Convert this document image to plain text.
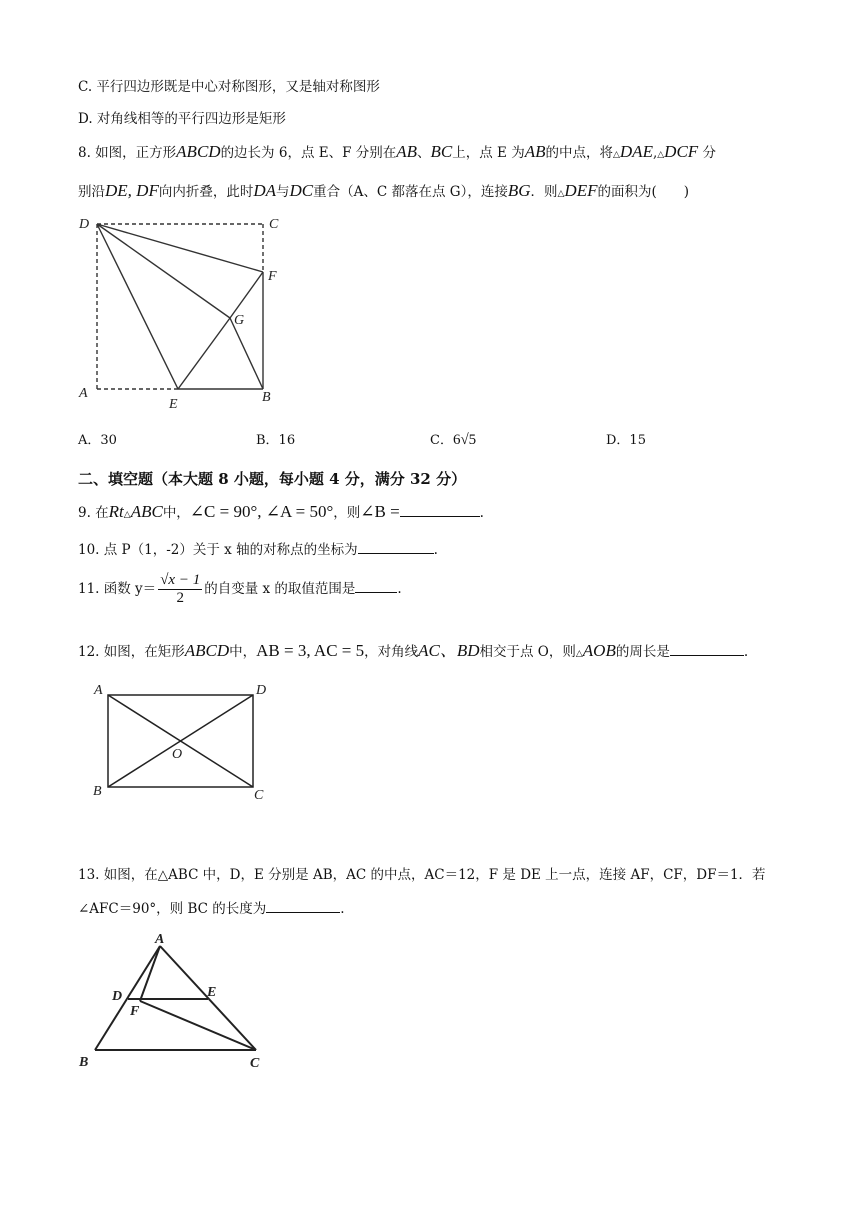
C. 平行四边形既是中心对称图形，又是轴对称图形
D. 对角线相等的平行四边形是矩形
8. 如图，正方形ABCD的边长为 6，点 E、F 分别在AB、BC上，点 E 为AB的中点，将△DAE,△DCF 分
别沿DE, DF向内折叠，此时DA与DC重合（A、C 都落在点 G），连接BG．则△DEF的面积为(　　)
D	C
F
G
A
E	B
A．30	B．16	C．6√5	D．15
二、填空题（本大题 8 小题，每小题 4 分，满分 32 分）
9. 在Rt△ABC中，∠C = 90°, ∠A = 50°，则∠B =	.
10. 点 P（1，-2）关于 x 轴的对称点的坐标为	.
11. 函数 $y= \frac{√x - 1}{2}$ 的自变量 x 的取值范围是	.
12. 如图，在矩形ABCD中，AB = 3, AC = 5，对角线AC、BD相交于点 O，则△AOB的周长是	.
A	D
B	C
O
13. 如图，在△ABC 中，D，E 分别是 AB，AC 的中点，AC＝12，F 是 DE 上一点，连接 AF，CF，DF＝1．若
∠AFC＝90°，则 BC 的长度为	.
A
D	E
F
B	C
